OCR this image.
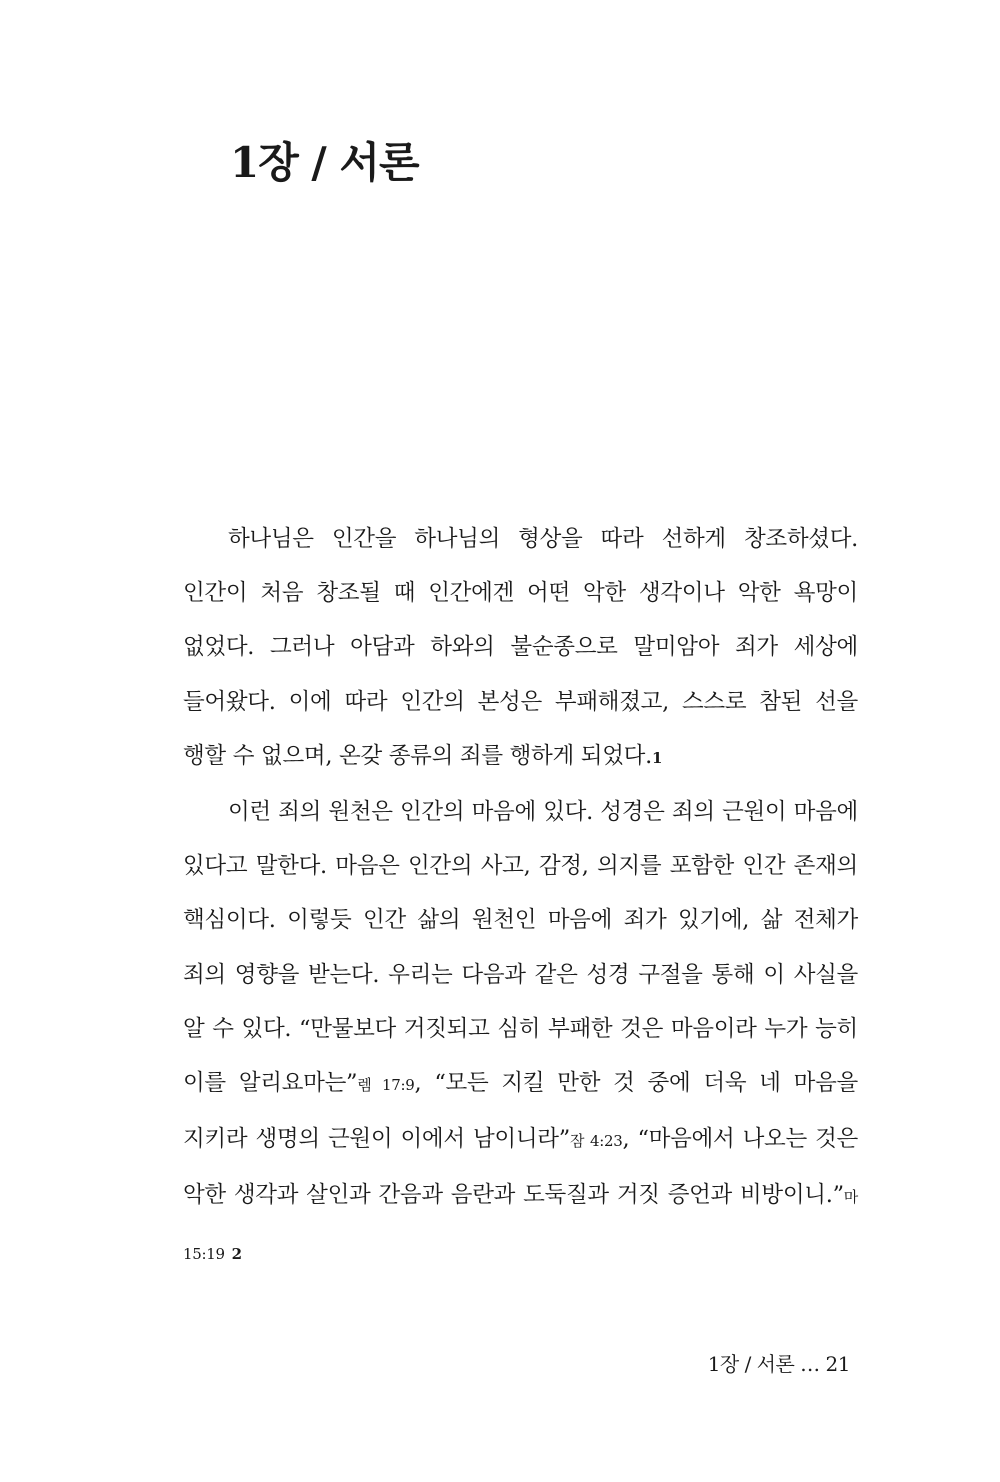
1장 / 서론

하나님은 인간을 하나님의 형상을 따라 선하게 창조하셨다. 인간이 처음 창조될 때 인간에겐 어떤 악한 생각이나 악한 욕망이 없었다. 그러나 아담과 하와의 불순종으로 말미암아 죄가 세상에 들어왔다. 이에 따라 인간의 본성은 부패해졌고, 스스로 참된 선을 행할 수 없으며, 온갖 종류의 죄를 행하게 되었다.1

이런 죄의 원천은 인간의 마음에 있다. 성경은 죄의 근원이 마음에 있다고 말한다. 마음은 인간의 사고, 감정, 의지를 포함한 인간 존재의 핵심이다. 이렇듯 인간 삶의 원천인 마음에 죄가 있기에, 삶 전체가 죄의 영향을 받는다. 우리는 다음과 같은 성경 구절을 통해 이 사실을 알 수 있다. “만물보다 거짓되고 심히 부패한 것은 마음이라 누가 능히 이를 알리요마는”렘 17:9, “모든 지킬 만한 것 중에 더욱 네 마음을 지키라 생명의 근원이 이에서 남이니라”잠 4:23, “마음에서 나오는 것은 악한 생각과 살인과 간음과 음란과 도둑질과 거짓 증언과 비방이니.”마 15:19 2

1장 / 서론 … 21
